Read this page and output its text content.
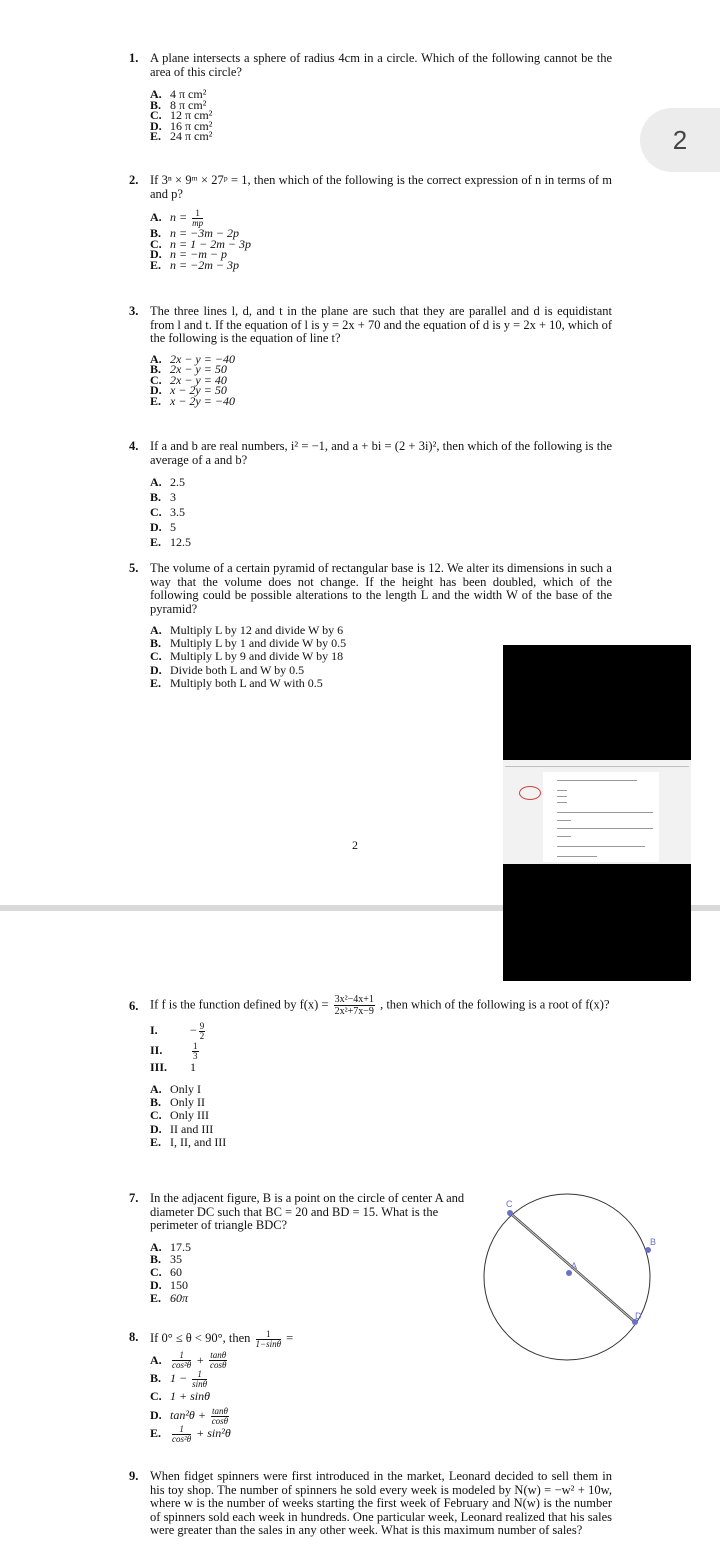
1. A plane intersects a sphere of radius 4cm in a circle. Which of the following cannot be the area of this circle?
A. 4 π cm²
B. 8 π cm²
C. 12 π cm²
D. 16 π cm²
E. 24 π cm²
2. If 3ⁿ × 9ᵐ × 27ᵖ = 1, then which of the following is the correct expression of n in terms of m and p?
A. $n = \frac{1}{mp}$
B. n = −3m − 2p
C. n = 1 − 2m − 3p
D. n = −m − p
E. n = −2m − 3p
3. The three lines l, d, and t in the plane are such that they are parallel and d is equidistant from l and t. If the equation of l is y = 2x + 70 and the equation of d is y = 2x + 10, which of the following is the equation of line t?
A. 2x − y = −40
B. 2x − y = 50
C. 2x − y = 40
D. x − 2y = 50
E. x − 2y = −40
4. If a and b are real numbers, i² = −1, and a + bi = (2 + 3i)², then which of the following is the average of a and b?
A. 2.5
B. 3
C. 3.5
D. 5
E. 12.5
5. The volume of a certain pyramid of rectangular base is 12. We alter its dimensions in such a way that the volume does not change. If the height has been doubled, which of the following could be possible alterations to the length L and the width W of the base of the pyramid?
A. Multiply L by 12 and divide W by 6
B. Multiply L by 1 and divide W by 0.5
C. Multiply L by 9 and divide W by 18
D. Divide both L and W by 0.5
E. Multiply both L and W with 0.5
2
6. If f is the function defined by $f(x) = \frac{\text{3x²−4x+1}}{\text{2x²+7x−9}}$ , then which of the following is a root of f(x)?
I.	− $\frac{9}{2}$
II.	$\frac{1}{3}$
III.	1
A. Only I
B. Only II
C. Only III
D. II and III
E. I, II, and III
7. In the adjacent figure, B is a point on the circle of center A and diameter DC such that BC = 20 and BD = 15. What is the perimeter of triangle BDC?
A. 17.5
B. 35
C. 60
D. 150
E. 60π
C
A
B
D
8. If 0° ≤ θ < 90°, then $\frac{1}{1-\sin\theta}$ =
A. $\frac{1}{\text{cos²θ}} + \frac{\tan\theta}{\cos\theta}$
B. $1 - \frac{1}{\sin\theta}$
C. 1 + sinθ
D. $\tan^2\theta + \frac{\tan\theta}{\cos\theta}$
E. $\frac{1}{\text{cos²θ}} + \sin^2\theta$
9. When fidget spinners were first introduced in the market, Leonard decided to sell them in his toy shop. The number of spinners he sold every week is modeled by N(w) = −w² + 10w, where w is the number of weeks starting the first week of February and N(w) is the number of spinners sold each week in hundreds. One particular week, Leonard realized that his sales were greater than the sales in any other week. What is this maximum number of sales?
2
